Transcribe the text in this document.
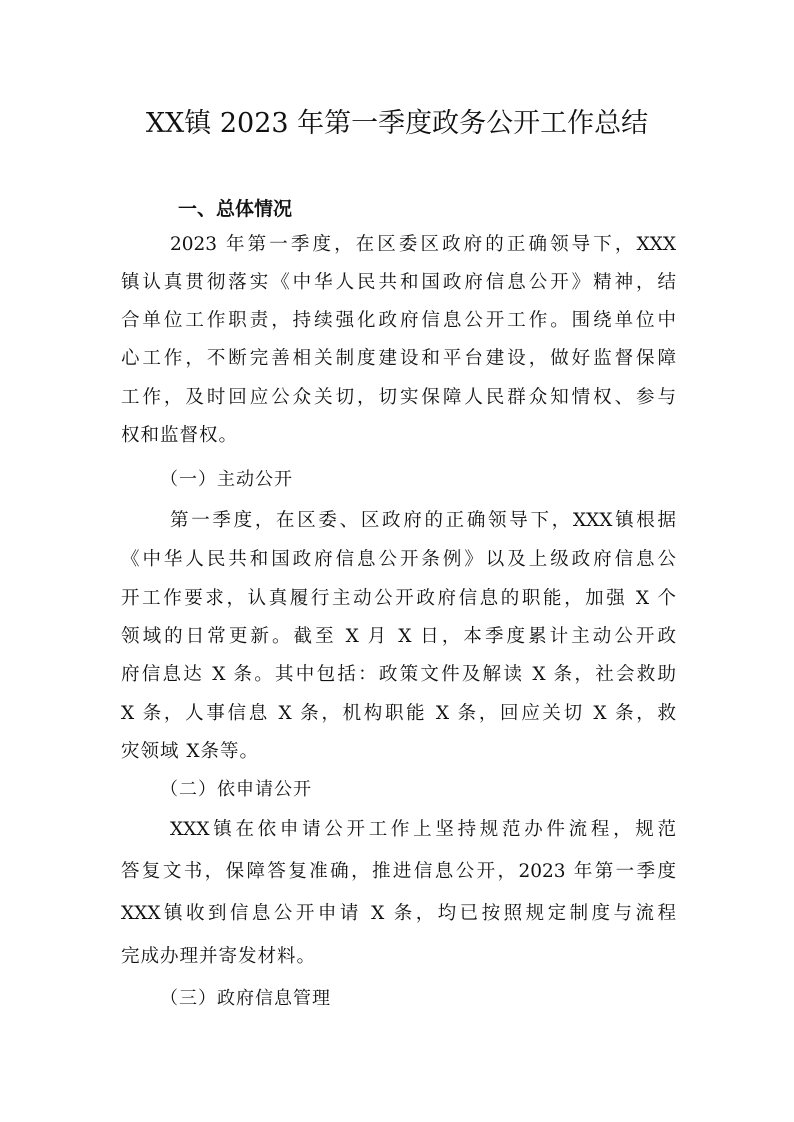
XX镇 2023 年第一季度政务公开工作总结
一、总体情况
2023 年第一季度，在区委区政府的正确领导下，XXX
镇认真贯彻落实《中华人民共和国政府信息公开》精神，结
合单位工作职责，持续强化政府信息公开工作。围绕单位中
心工作，不断完善相关制度建设和平台建设，做好监督保障
工作，及时回应公众关切，切实保障人民群众知情权、参与
权和监督权。
（一）主动公开
第一季度，在区委、区政府的正确领导下，XXX镇根据
《中华人民共和国政府信息公开条例》以及上级政府信息公
开工作要求，认真履行主动公开政府信息的职能，加强 X 个
领域的日常更新。截至 X 月 X 日，本季度累计主动公开政
府信息达 X 条。其中包括：政策文件及解读 X 条，社会救助
X 条，人事信息 X 条，机构职能 X 条，回应关切 X 条，救
灾领域 X条等。
（二）依申请公开
XXX镇在依申请公开工作上坚持规范办件流程，规范
答复文书，保障答复准确，推进信息公开，2023 年第一季度
XXX镇收到信息公开申请 X 条，均已按照规定制度与流程
完成办理并寄发材料。
（三）政府信息管理
